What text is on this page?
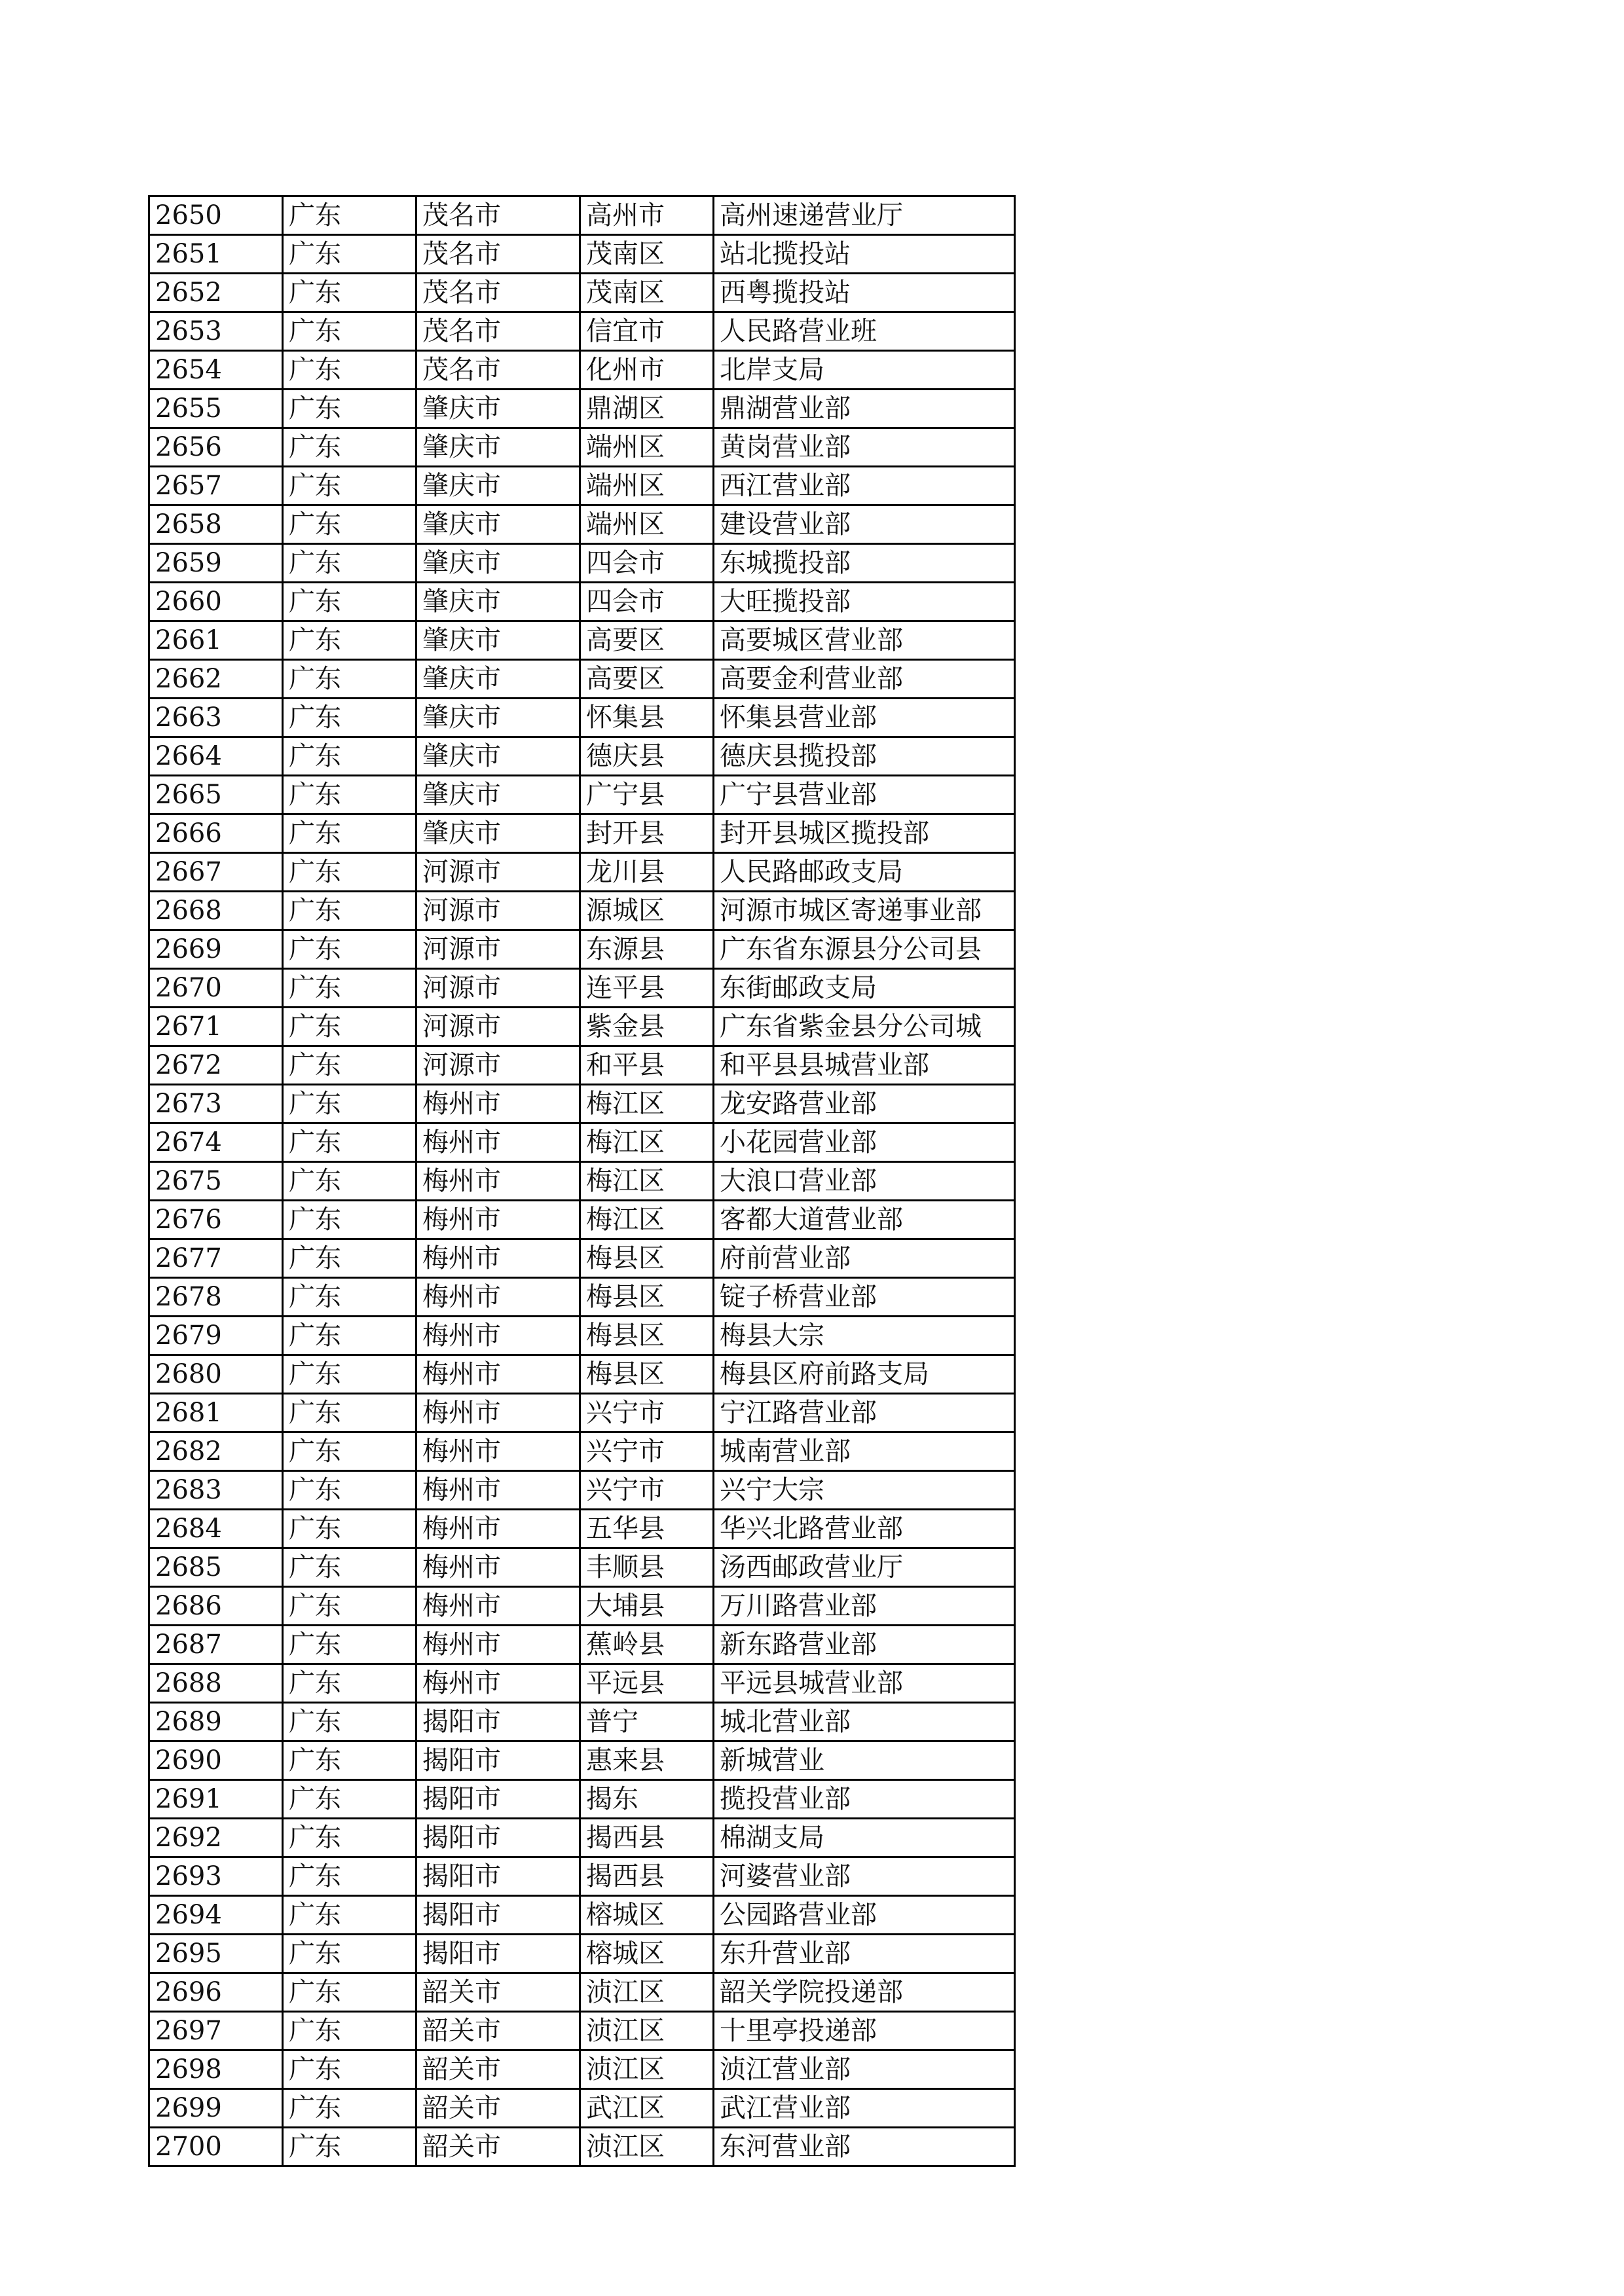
2650	广东	茂名市	高州市	高州速递营业厅
2651	广东	茂名市	茂南区	站北揽投站
2652	广东	茂名市	茂南区	西粤揽投站
2653	广东	茂名市	信宜市	人民路营业班
2654	广东	茂名市	化州市	北岸支局
2655	广东	肇庆市	鼎湖区	鼎湖营业部
2656	广东	肇庆市	端州区	黄岗营业部
2657	广东	肇庆市	端州区	西江营业部
2658	广东	肇庆市	端州区	建设营业部
2659	广东	肇庆市	四会市	东城揽投部
2660	广东	肇庆市	四会市	大旺揽投部
2661	广东	肇庆市	高要区	高要城区营业部
2662	广东	肇庆市	高要区	高要金利营业部
2663	广东	肇庆市	怀集县	怀集县营业部
2664	广东	肇庆市	德庆县	德庆县揽投部
2665	广东	肇庆市	广宁县	广宁县营业部
2666	广东	肇庆市	封开县	封开县城区揽投部
2667	广东	河源市	龙川县	人民路邮政支局
2668	广东	河源市	源城区	河源市城区寄递事业部
2669	广东	河源市	东源县	广东省东源县分公司县
2670	广东	河源市	连平县	东街邮政支局
2671	广东	河源市	紫金县	广东省紫金县分公司城
2672	广东	河源市	和平县	和平县县城营业部
2673	广东	梅州市	梅江区	龙安路营业部
2674	广东	梅州市	梅江区	小花园营业部
2675	广东	梅州市	梅江区	大浪口营业部
2676	广东	梅州市	梅江区	客都大道营业部
2677	广东	梅州市	梅县区	府前营业部
2678	广东	梅州市	梅县区	锭子桥营业部
2679	广东	梅州市	梅县区	梅县大宗
2680	广东	梅州市	梅县区	梅县区府前路支局
2681	广东	梅州市	兴宁市	宁江路营业部
2682	广东	梅州市	兴宁市	城南营业部
2683	广东	梅州市	兴宁市	兴宁大宗
2684	广东	梅州市	五华县	华兴北路营业部
2685	广东	梅州市	丰顺县	汤西邮政营业厅
2686	广东	梅州市	大埔县	万川路营业部
2687	广东	梅州市	蕉岭县	新东路营业部
2688	广东	梅州市	平远县	平远县城营业部
2689	广东	揭阳市	普宁	城北营业部
2690	广东	揭阳市	惠来县	新城营业
2691	广东	揭阳市	揭东	揽投营业部
2692	广东	揭阳市	揭西县	棉湖支局
2693	广东	揭阳市	揭西县	河婆营业部
2694	广东	揭阳市	榕城区	公园路营业部
2695	广东	揭阳市	榕城区	东升营业部
2696	广东	韶关市	浈江区	韶关学院投递部
2697	广东	韶关市	浈江区	十里亭投递部
2698	广东	韶关市	浈江区	浈江营业部
2699	广东	韶关市	武江区	武江营业部
2700	广东	韶关市	浈江区	东河营业部
